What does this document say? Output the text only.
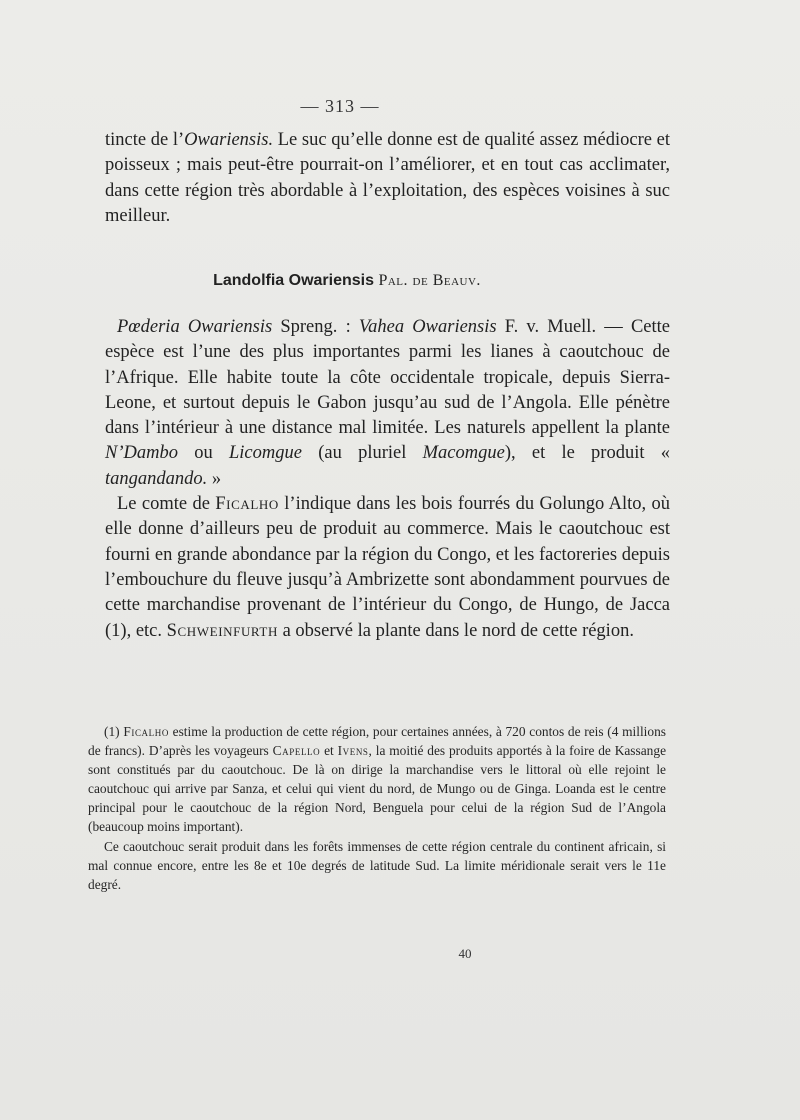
— 313 —

tincte de l’Owariensis. Le suc qu’elle donne est de qualité assez médiocre et poisseux ; mais peut-être pourrait-on l’améliorer, et en tout cas acclimater, dans cette région très abordable à l’exploitation, des espèces voisines à suc meilleur.

Landolfia Owariensis Pal. de Beauv.

Pœderia Owariensis Spreng. : Vahea Owariensis F. v. Muell. — Cette espèce est l’une des plus importantes parmi les lianes à caoutchouc de l’Afrique. Elle habite toute la côte occidentale tropicale, depuis Sierra-Leone, et surtout depuis le Gabon jusqu’au sud de l’Angola. Elle pénètre dans l’intérieur à une distance mal limitée. Les naturels appellent la plante N’Dambo ou Licomgue (au pluriel Macomgue), et le produit « tangandando. »

Le comte de Ficalho l’indique dans les bois fourrés du Golungo Alto, où elle donne d’ailleurs peu de produit au commerce. Mais le caoutchouc est fourni en grande abondance par la région du Congo, et les factoreries depuis l’embouchure du fleuve jusqu’à Ambrizette sont abondamment pourvues de cette marchandise provenant de l’intérieur du Congo, de Hungo, de Jacca (1), etc. Schweinfurth a observé la plante dans le nord de cette région.

(1) Ficalho estime la production de cette région, pour certaines années, à 720 contos de reis (4 millions de francs). D’après les voyageurs Capello et Ivens, la moitié des produits apportés à la foire de Kassange sont constitués par du caoutchouc. De là on dirige la marchandise vers le littoral où elle rejoint le caoutchouc qui arrive par Sanza, et celui qui vient du nord, de Mungo ou de Ginga. Loanda est le centre principal pour le caoutchouc de la région Nord, Benguela pour celui de la région Sud de l’Angola (beaucoup moins important).

Ce caoutchouc serait produit dans les forêts immenses de cette région centrale du continent africain, si mal connue encore, entre les 8e et 10e degrés de latitude Sud. La limite méridionale serait vers le 11e degré.

40
